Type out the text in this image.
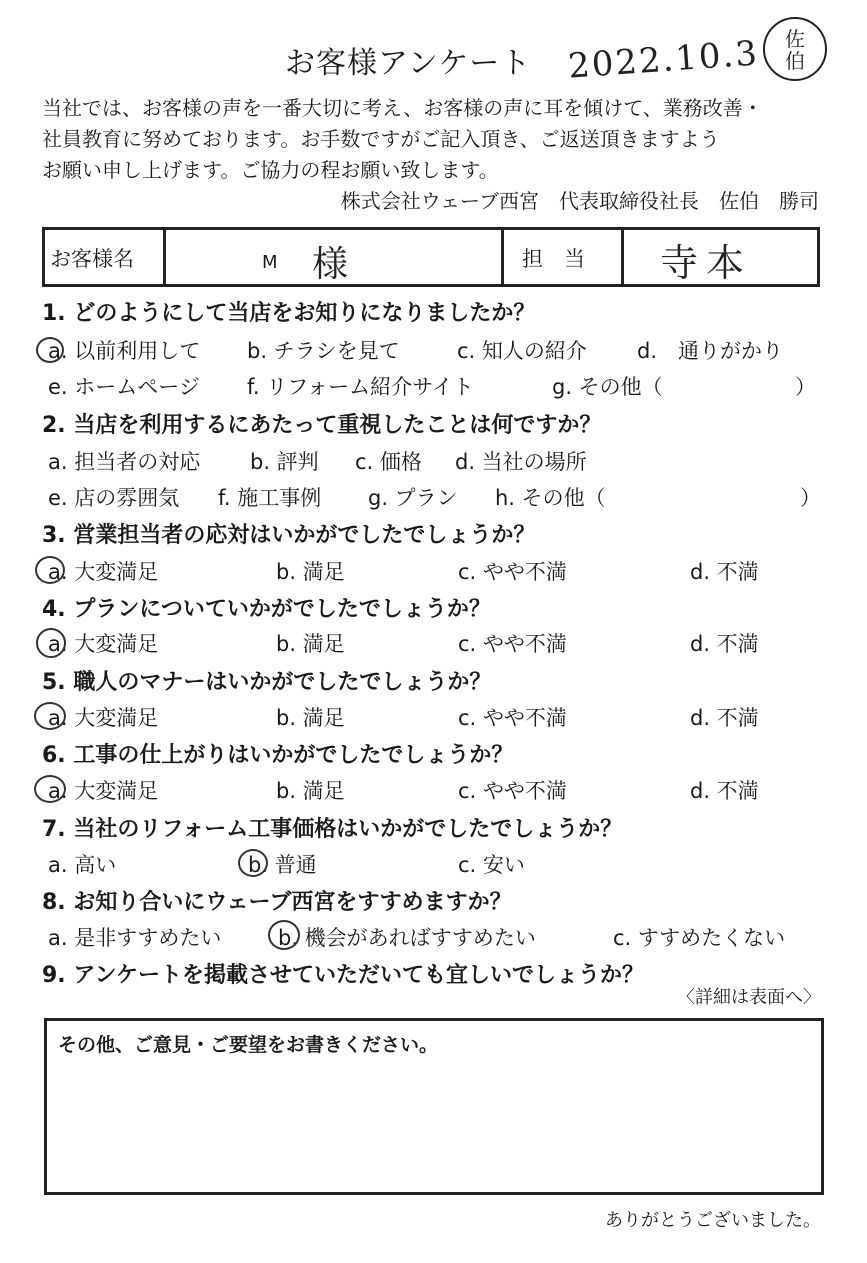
お客様アンケート 2022.10.3 佐
伯
当社では、お客様の声を一番大切に考え、お客様の声に耳を傾けて、業務改善・
社員教育に努めております。お手数ですがご記入頂き、ご返送頂きますよう
お願い申し上げます。ご協力の程お願い致します。
株式会社ウェーブ西宮　代表取締役社長　佐伯　勝司
お客様名	M 様	担　当 寺本
1. どのようにして当店をお知りになりましたか？
a. 以前利用して b. チラシを見て	c. 知人の紹介 d.　通りがかり
e. ホームページ f. リフォーム紹介サイト	g. その他（	）
2. 当店を利用するにあたって重視したことは何ですか？
a. 担当者の対応 b. 評判 c. 価格 d. 当社の場所
e. 店の雰囲気 f. 施工事例 g. プラン h. その他（	）
3. 営業担当者の応対はいかがでしたでしょうか？
a. 大変満足	b. 満足	c. やや不満	d. 不満
4. プランについていかがでしたでしょうか？
a. 大変満足	b. 満足	c. やや不満	d. 不満
5. 職人のマナーはいかがでしたでしょうか？
a. 大変満足	b. 満足	c. やや不満	d. 不満
6. 工事の仕上がりはいかがでしたでしょうか？
a. 大変満足	b. 満足	c. やや不満	d. 不満
7. 当社のリフォーム工事価格はいかがでしたでしょうか？
a. 高い	b. 普通	c. 安い
8. お知り合いにウェーブ西宮をすすめますか？
a. 是非すすめたい	b. 機会があればすすめたい	c. すすめたくない
9. アンケートを掲載させていただいても宜しいでしょうか？
〈詳細は表面へ〉
その他、ご意見・ご要望をお書きください。
ありがとうございました。
